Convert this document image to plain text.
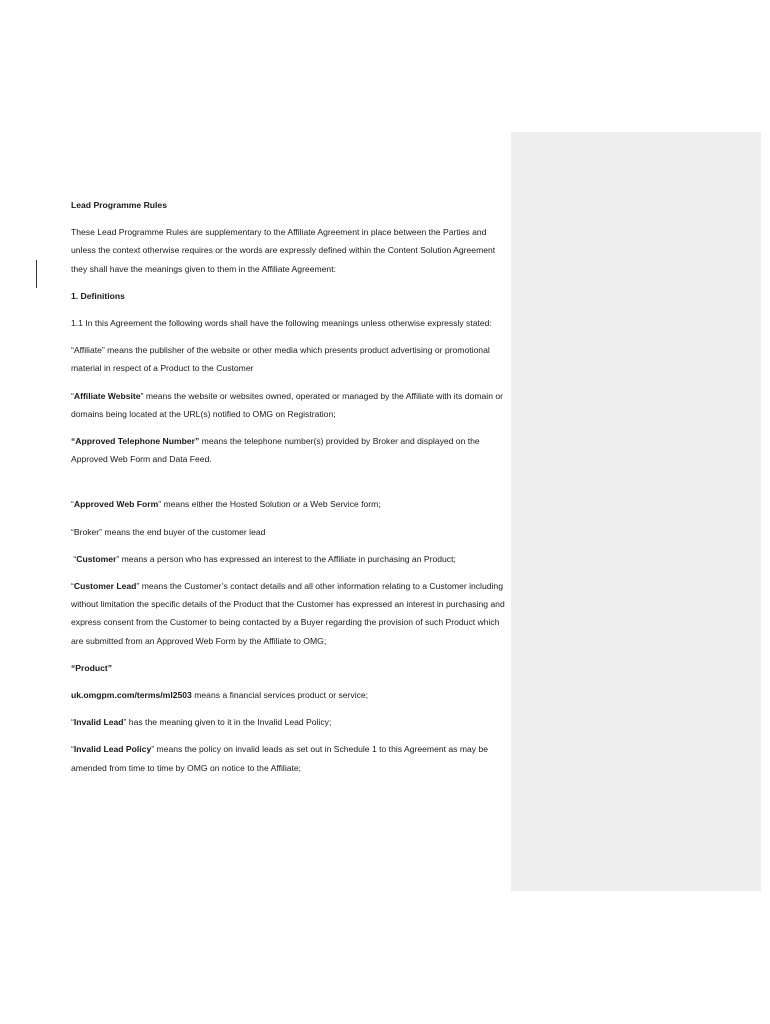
Lead Programme Rules

These Lead Programme Rules are supplementary to the Affiliate Agreement in place between the Parties and unless the context otherwise requires or the words are expressly defined within the Content Solution Agreement they shall have the meanings given to them in the Affiliate Agreement:

1. Definitions

1.1 In this Agreement the following words shall have the following meanings unless otherwise expressly stated:

“Affiliate” means the publisher of the website or other media which presents product advertising or promotional material in respect of a Product to the Customer

“Affiliate Website” means the website or websites owned, operated or managed by the Affiliate with its domain or domains being located at the URL(s) notified to OMG on Registration;

“Approved Telephone Number” means the telephone number(s) provided by Broker and displayed on the Approved Web Form and Data Feed.

“Approved Web Form” means either the Hosted Solution or a Web Service form;

“Broker” means the end buyer of the customer lead

“Customer” means a person who has expressed an interest to the Affiliate in purchasing an Product;

“Customer Lead” means the Customer’s contact details and all other information relating to a Customer including without limitation the specific details of the Product that the Customer has expressed an interest in purchasing and express consent from the Customer to being contacted by a Buyer regarding the provision of such Product which are submitted from an Approved Web Form by the Affiliate to OMG;

“Product”

uk.omgpm.com/terms/ml2503 means a financial services product or service;

“Invalid Lead” has the meaning given to it in the Invalid Lead Policy;

“Invalid Lead Policy” means the policy on invalid leads as set out in Schedule 1 to this Agreement as may be amended from time to time by OMG on notice to the Affiliate;
